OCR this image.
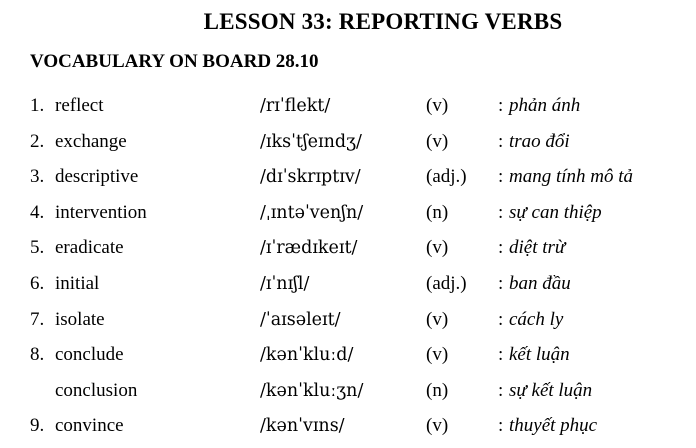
LESSON 33: REPORTING VERBS
VOCABULARY ON BOARD 28.10
1. reflect	/rɪˈflekt/	(v)	: phản ánh
2. exchange	/ɪksˈtʃeɪndʒ/	(v)	: trao đổi
3. descriptive	/dɪˈskrɪptɪv/	(adj.) : mang tính mô tả
4. intervention	/ˌɪntəˈvenʃn/	(n)	: sự can thiệp
5. eradicate	/ɪˈrædɪkeɪt/	(v)	: diệt trừ
6. initial	/ɪˈnɪʃl/	(adj.) : ban đầu
7. isolate	/ˈaɪsəleɪt/	(v)	: cách ly
8. conclude	/kənˈkluːd/	(v)	: kết luận
conclusion	/kənˈkluːʒn/	(n)	: sự kết luận
9. convince	/kənˈvɪns/	(v)	: thuyết phục
